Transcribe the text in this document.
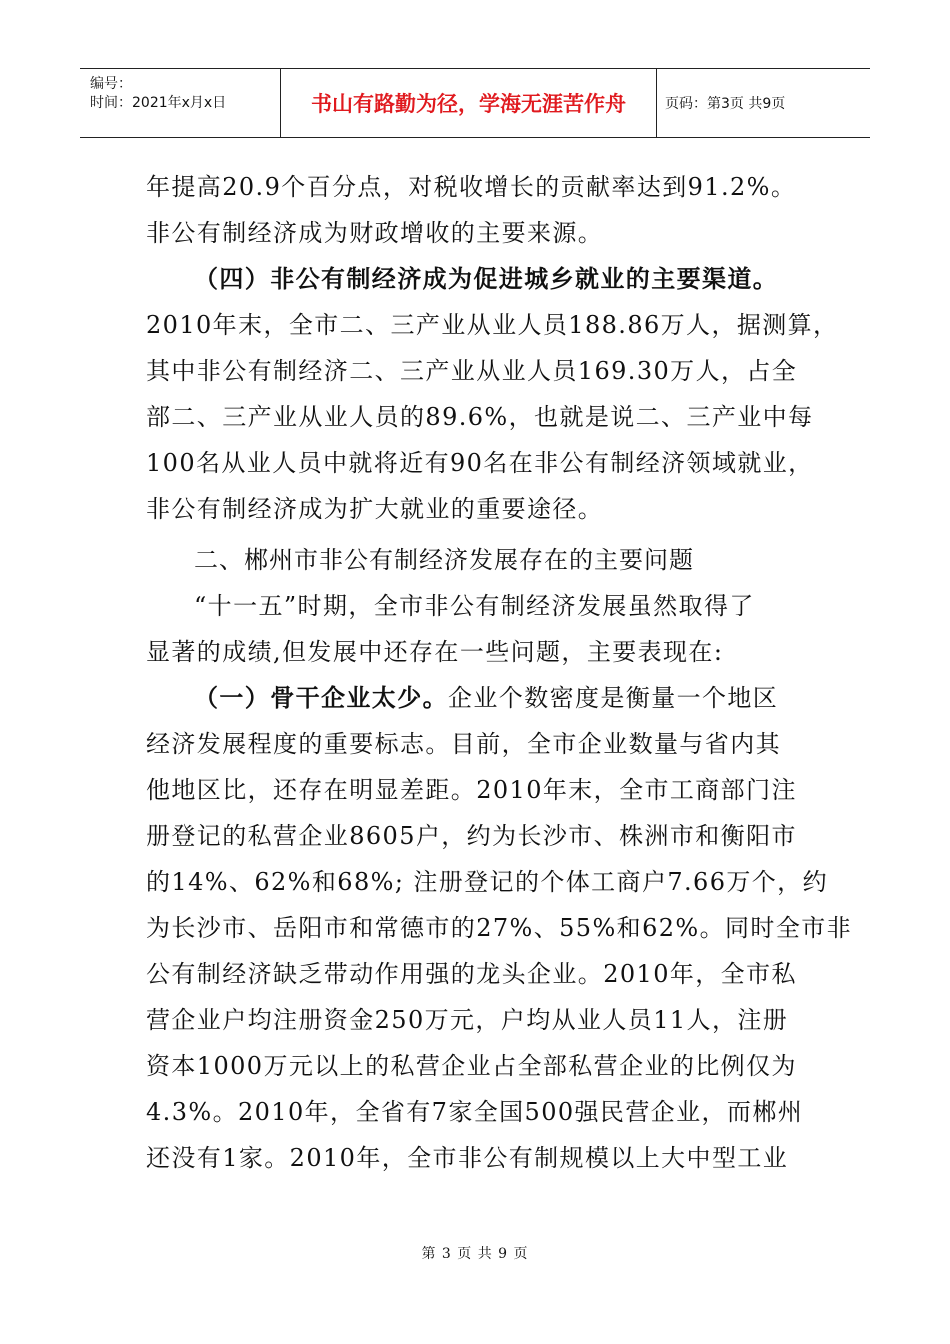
编号：
时间：2021年x月x日	书山有路勤为径，学海无涯苦作舟	页码：第3页 共9页

年提高20.9个百分点，对税收增长的贡献率达到91.2%。

非公有制经济成为财政增收的主要来源。

（四）非公有制经济成为促进城乡就业的主要渠道。

2010年末，全市二、三产业从业人员188.86万人，据测算，

其中非公有制经济二、三产业从业人员169.30万人，占全

部二、三产业从业人员的89.6%，也就是说二、三产业中每

100名从业人员中就将近有90名在非公有制经济领域就业，

非公有制经济成为扩大就业的重要途径。

二、郴州市非公有制经济发展存在的主要问题

“十一五”时期，全市非公有制经济发展虽然取得了

显著的成绩,但发展中还存在一些问题，主要表现在:

（一）骨干企业太少。企业个数密度是衡量一个地区

经济发展程度的重要标志。目前，全市企业数量与省内其

他地区比，还存在明显差距。2010年末，全市工商部门注

册登记的私营企业8605户，约为长沙市、株洲市和衡阳市

的14%、62%和68%; 注册登记的个体工商户7.66万个，约

为长沙市、岳阳市和常德市的27%、55%和62%。同时全市非

公有制经济缺乏带动作用强的龙头企业。2010年，全市私

营企业户均注册资金250万元，户均从业人员11人，注册

资本1000万元以上的私营企业占全部私营企业的比例仅为

4.3%。2010年，全省有7家全国500强民营企业，而郴州

还没有1家。2010年，全市非公有制规模以上大中型工业

第 3 页 共 9 页
